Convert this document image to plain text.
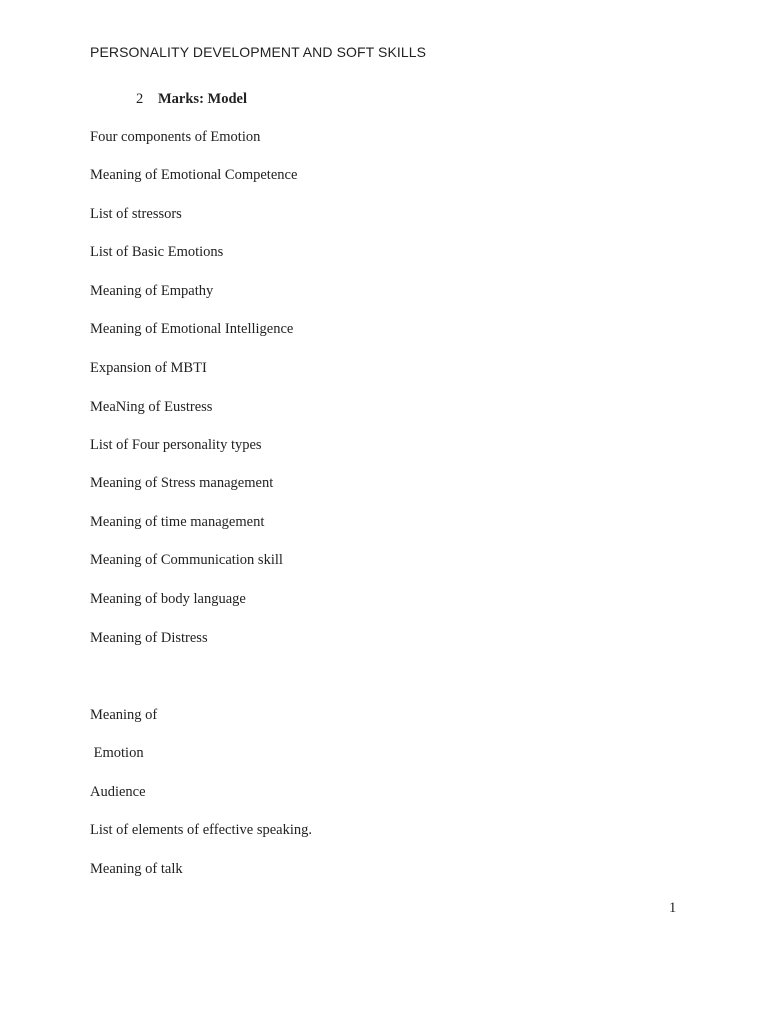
PERSONALITY DEVELOPMENT AND SOFT SKILLS
2 Marks: Model
Four components of Emotion
Meaning of Emotional Competence
List of stressors
List of Basic Emotions
Meaning of Empathy
Meaning of Emotional Intelligence
Expansion of MBTI
MeaNing of Eustress
List of Four personality types
Meaning of Stress management
Meaning of time management
Meaning of Communication skill
Meaning of body language
Meaning of Distress
Meaning of
Emotion
Audience
List of elements of effective speaking.
Meaning of talk
1
